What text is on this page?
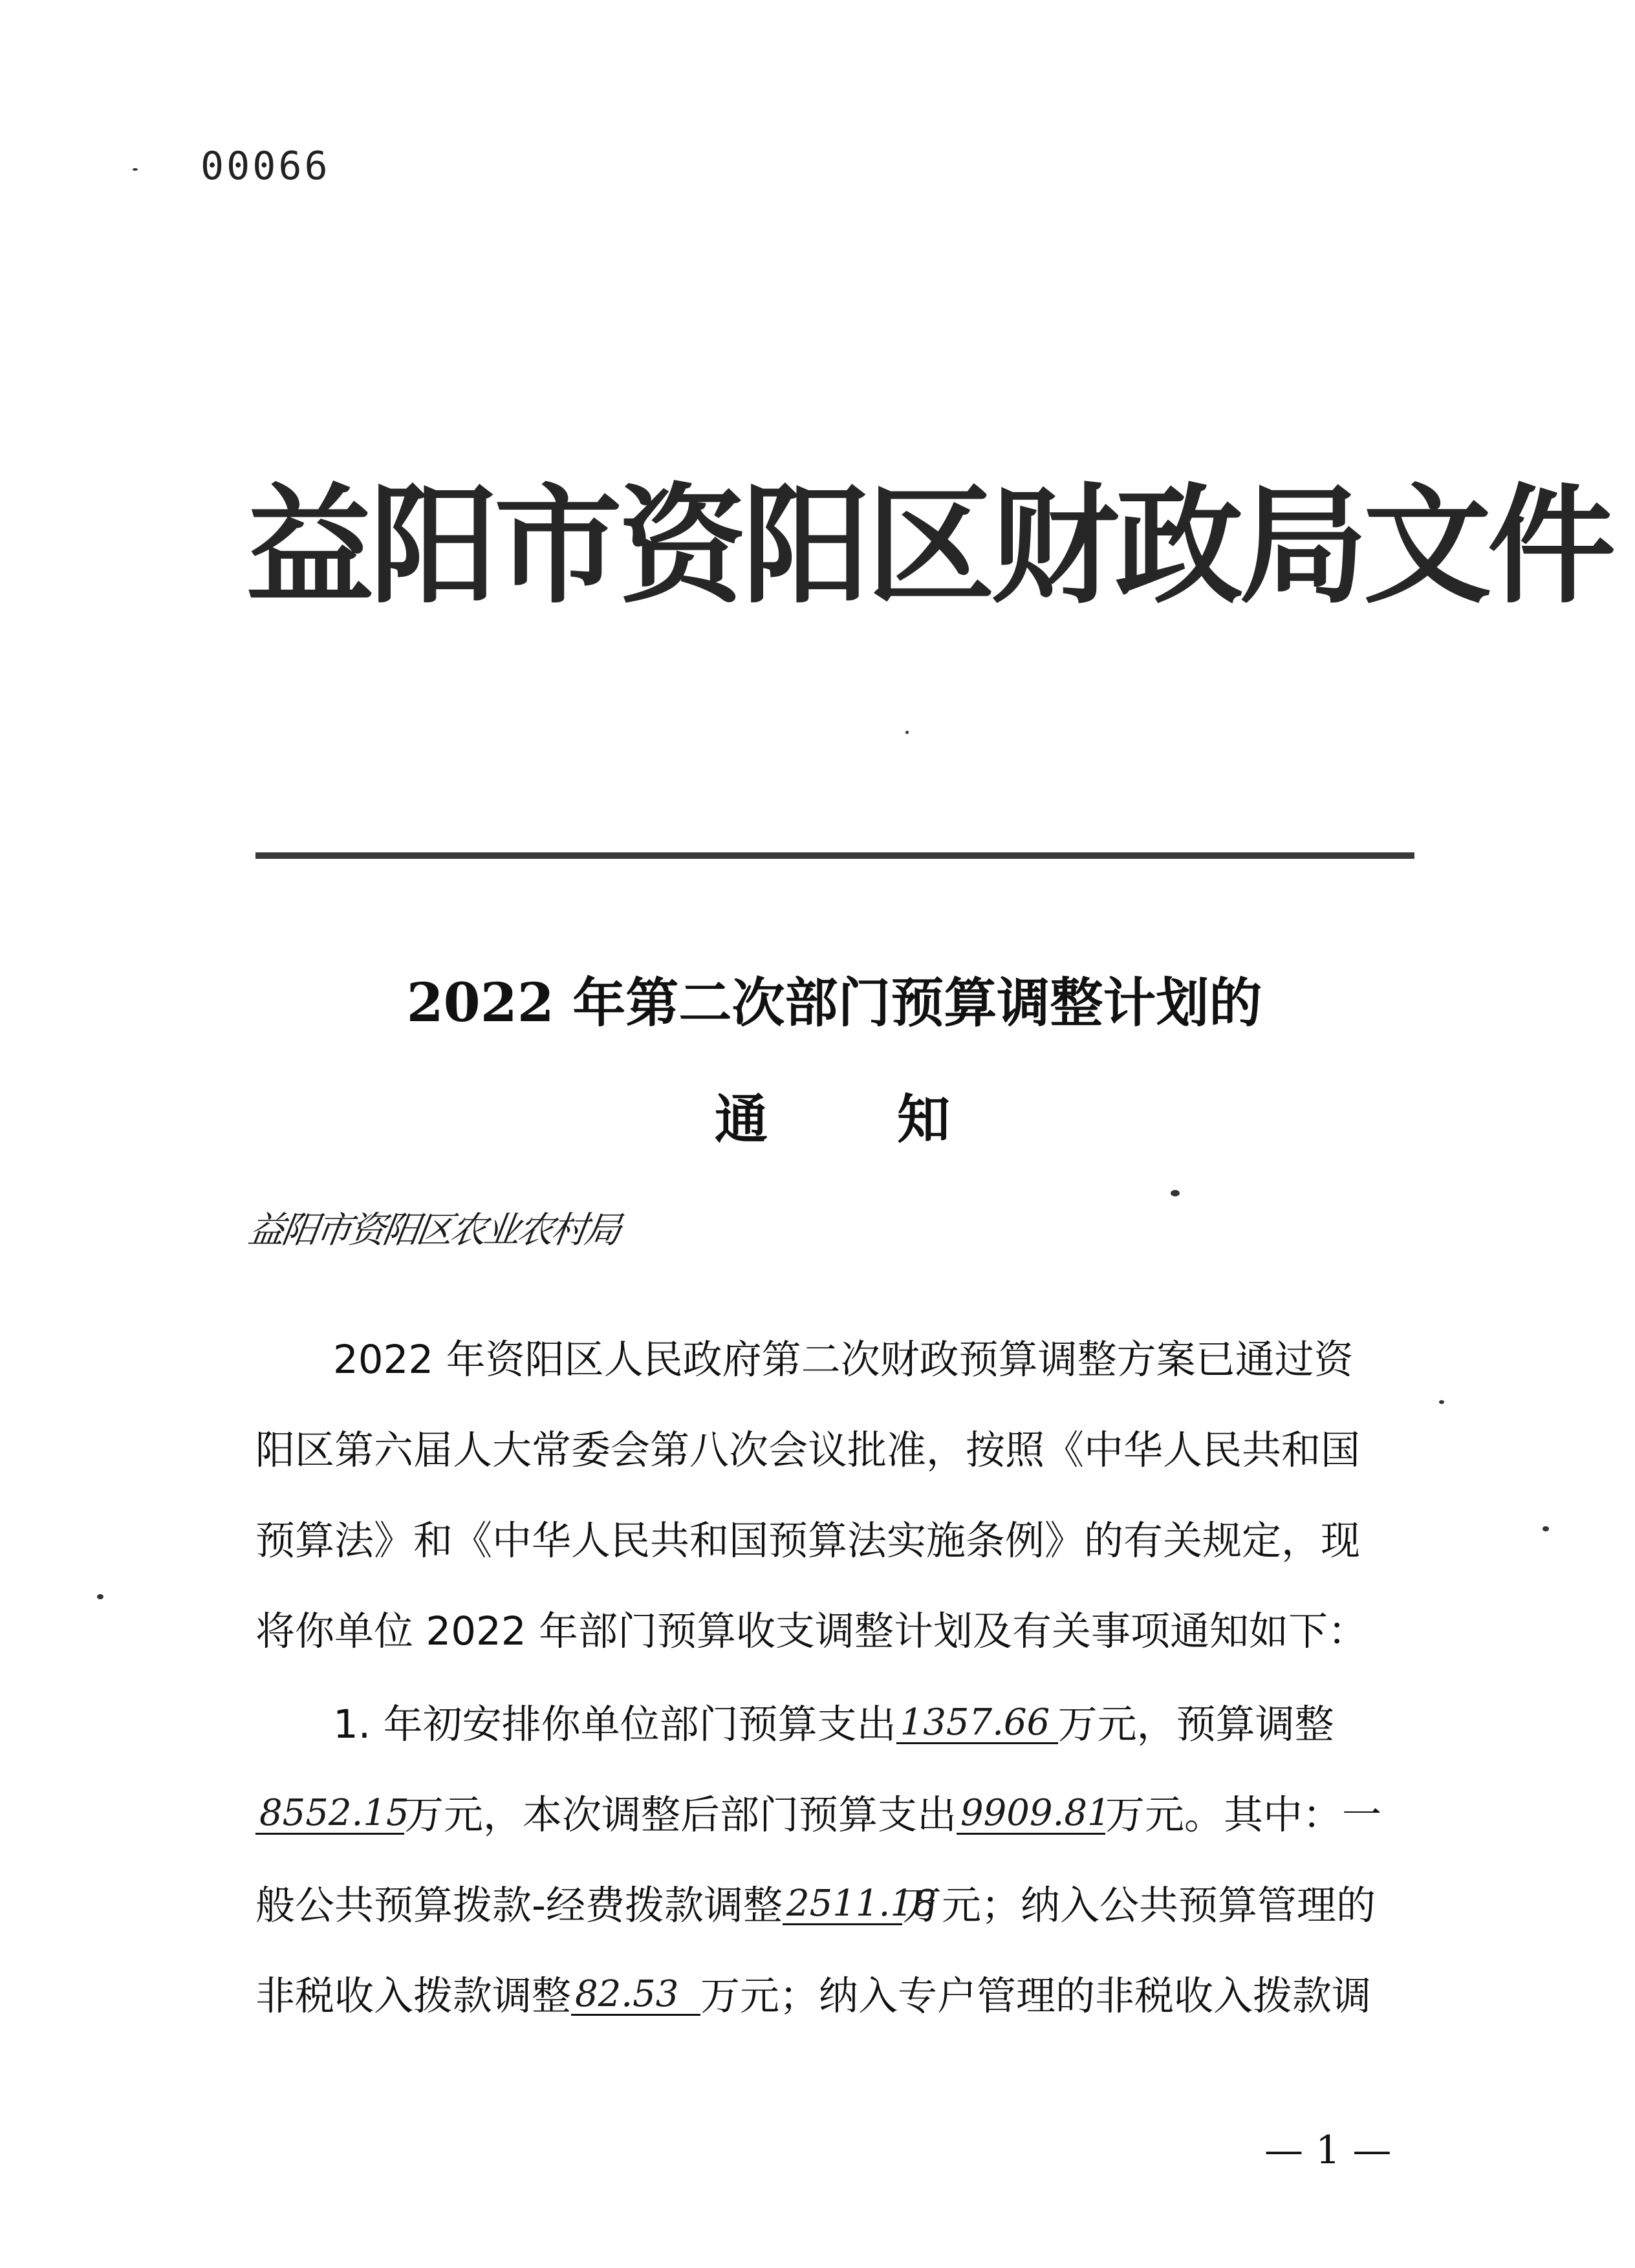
00066
益阳市资阳区财政局文件
2022 年第二次部门预算调整计划的
通知
益阳市资阳区农业农村局
2022 年资阳区人民政府第二次财政预算调整方案已通过资
阳区第六届人大常委会第八次会议批准，按照《中华人民共和国
预算法》和《中华人民共和国预算法实施条例》的有关规定，现
将你单位 2022 年部门预算收支调整计划及有关事项通知如下：
1. 年初安排你单位部门预算支出 1357.66 万元，预算调整
8552.15
万元，本次调整后部门预算支出 9909.81
万元。其中：一
般公共预算拨款-经费拨款调整 2511.18
万元；纳入公共预算管理的
非税收入拨款调整 82.53 万元；纳入专户管理的非税收入拨款调
— 1 —
